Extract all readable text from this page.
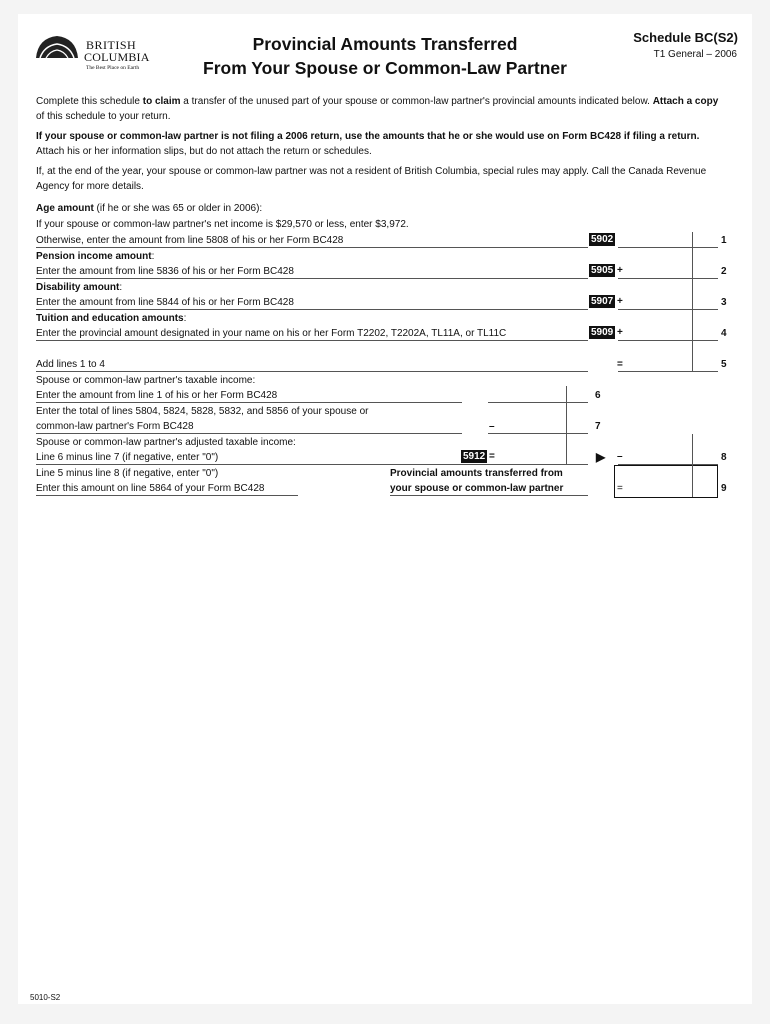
BRITISH
COLUMBIA
The Best Place on Earth
Provincial Amounts Transferred
From Your Spouse or Common-Law Partner
Schedule BC(S2)
T1 General – 2006
Complete this schedule to claim a transfer of the unused part of your spouse or common-law partner's provincial amounts indicated below. Attach a copy of this schedule to your return.
If your spouse or common-law partner is not filing a 2006 return, use the amounts that he or she would use on Form BC428 if filing a return. Attach his or her information slips, but do not attach the return or schedules.
If, at the end of the year, your spouse or common-law partner was not a resident of British Columbia, special rules may apply. Call the Canada Revenue Agency for more details.
Age amount (if he or she was 65 or older in 2006):
If your spouse or common-law partner's net income is $29,570 or less, enter $3,972.
Otherwise, enter the amount from line 5808 of his or her Form BC428	5902	1
Pension income amount:
Enter the amount from line 5836 of his or her Form BC428	5905 +	2
Disability amount:
Enter the amount from line 5844 of his or her Form BC428	5907 +	3
Tuition and education amounts:
Enter the provincial amount designated in your name on his or her Form T2202, T2202A, TL11A, or TL11C	5909 +	4
Add lines 1 to 4	=	5
Spouse or common-law partner's taxable income:
Enter the amount from line 1 of his or her Form BC428	6
Enter the total of lines 5804, 5824, 5828, 5832, and 5856 of your spouse or
common-law partner's Form BC428	–	7
Spouse or common-law partner's adjusted taxable income:
Line 6 minus line 7 (if negative, enter "0")	5912 =	▶ –	8
Line 5 minus line 8 (if negative, enter "0")
Enter this amount on line 5864 of your Form BC428
Provincial amounts transferred from
your spouse or common-law partner	=	9
5010-S2
